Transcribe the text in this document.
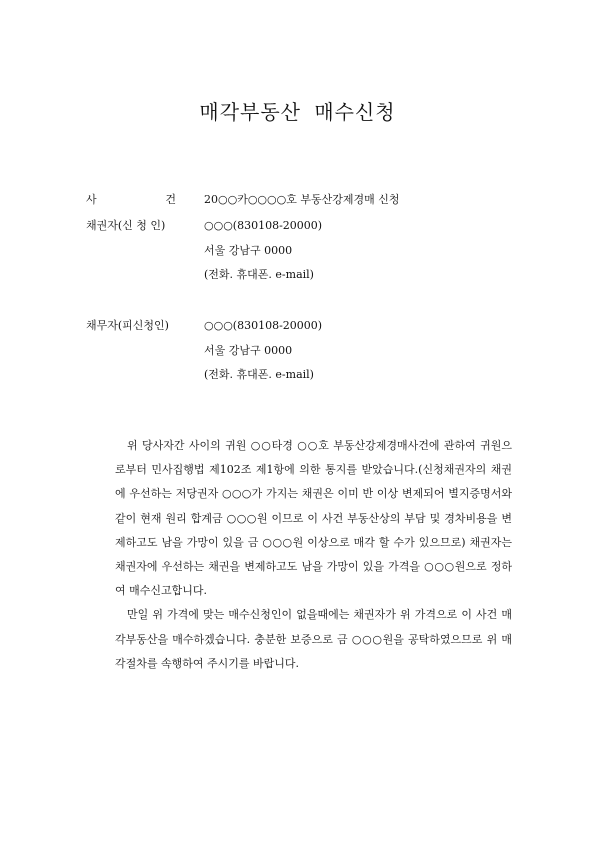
매각부동산 매수신청
사	건	20○○카○○○○호 부동산강제경매 신청
채권자(신 청 인)	○○○(830108-20000)
서울 강남구 0000
(전화. 휴대폰. e-mail)
채무자(피신청인)	○○○(830108-20000)
서울 강남구 0000
(전화. 휴대폰. e-mail)

위 당사자간 사이의 귀원 ○○타경 ○○호 부동산강제경매사건에 관하여 귀원으로부터 민사집행법 제102조 제1항에 의한 통지를 받았습니다.(신청채권자의 채권에 우선하는 저당권자 ○○○가 가지는 채권은 이미 반 이상 변제되어 별지증명서와 같이 현재 원리 합계금 ○○○원 이므로 이 사건 부동산상의 부담 및 경차비용을 변제하고도 남을 가망이 있을 금 ○○○원 이상으로 매각 할 수가 있으므로) 채권자는 채권자에 우선하는 채권을 변제하고도 남을 가망이 있을 가격을 ○○○원으로 정하여 매수신고합니다.

만일 위 가격에 맞는 매수신청인이 없을때에는 채권자가 위 가격으로 이 사건 매각부동산을 매수하겠습니다. 충분한 보증으로 금 ○○○원을 공탁하였으므로 위 매각절차를 속행하여 주시기를 바랍니다.
